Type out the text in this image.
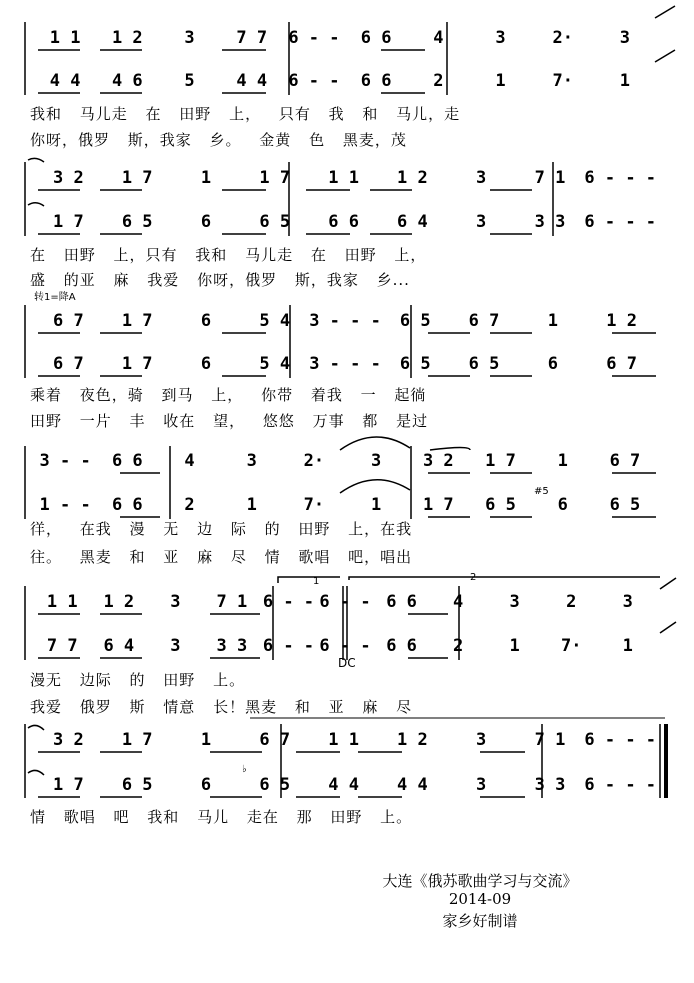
1 1	1 2	3	7 7	6 - -	6 6	4	3	2·	3
4 4	4 6	5	4 4	6 - -	6 6	2	1	7·	1
我和 马儿走 在 田野 上， 只有 我 和 马儿，走
你呀，俄罗 斯，我家 乡。 金黄 色 黑麦，茂
3 2	1 7	1	1 7	1 1	1 2	3	7 1	6 - - -
1 7	6 5	6	6 5	6 6	6 4	3	3 3	6 - - -
在 田野 上，只有 我和 马儿走 在 田野 上，
盛 的亚 麻 我爱 你呀，俄罗 斯，我家 乡...
转1=降A
6 7	1 7	6	5 4	3 - - -	6 5	6 7	1	1 2
6 7	1 7	6	5 4	3 - - -	6 5	6 5	6	6 7
乘着 夜色，骑 到马 上， 你带 着我 一 起徜
田野 一片 丰 收在 望， 悠悠 万事 都 是过
3 - -	6 6	4	3	2·	3	3 2	1 7	1	6 7
1 - -	6 6	2	1	7·	1	1 7	6 5	6	6 5
徉， 在我 漫 无 边 际 的 田野 上，在我
往。 黑麦 和 亚 麻 尽 情 歌唱 吧，唱出
#5
1	2
1 1	1 2	3	7 1 6 - - 6 - - 6 6	4	3	2	3
7 7	6 4	3	3 3 6 - - 6 - - 6 6	2	1	7·	1
DC
漫无 边际 的 田野 上。
我爱 俄罗 斯 情意 长！黑麦 和 亚 麻 尽
3 2	1 7	1	6 7	1 1	1 2	3	7 1	6 - - -
1 7	6 5	6	6 5	4 4	4 4	3	3 3	6 - - -
♭
情 歌唱 吧 我和 马儿 走在 那 田野 上。
大连《俄苏歌曲学习与交流》
2014-09
家乡好制谱
